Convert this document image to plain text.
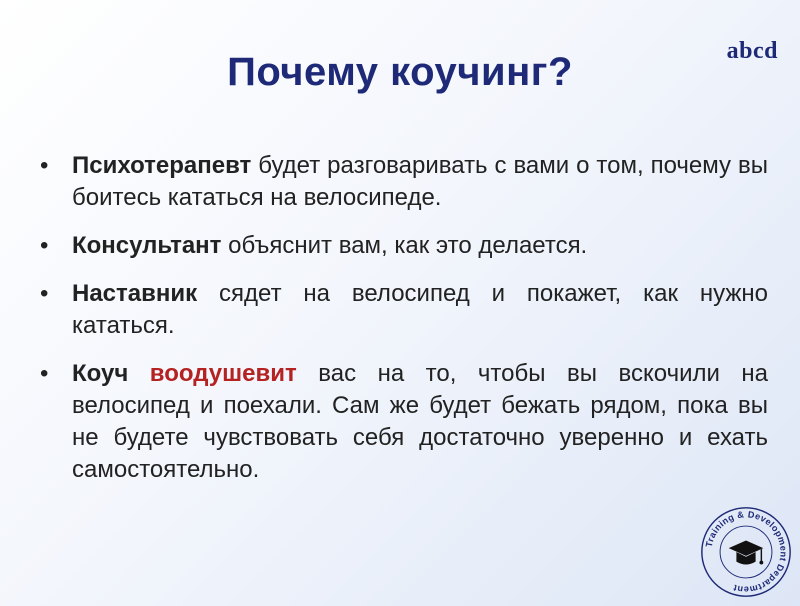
Почему коучинг?	abcd
• Психотерапевт будет разговаривать с вами о том, почему вы боитесь кататься на велосипеде.
• Консультант объяснит вам, как это делается.
• Наставник сядет на велосипед и покажет, как нужно кататься.
• Коуч воодушевит вас на то, чтобы вы вскочили на велосипед и поехали. Сам же будет бежать рядом, пока вы не будете чувствовать себя достаточно уверенно и ехать самостоятельно.
Training & Development Department
